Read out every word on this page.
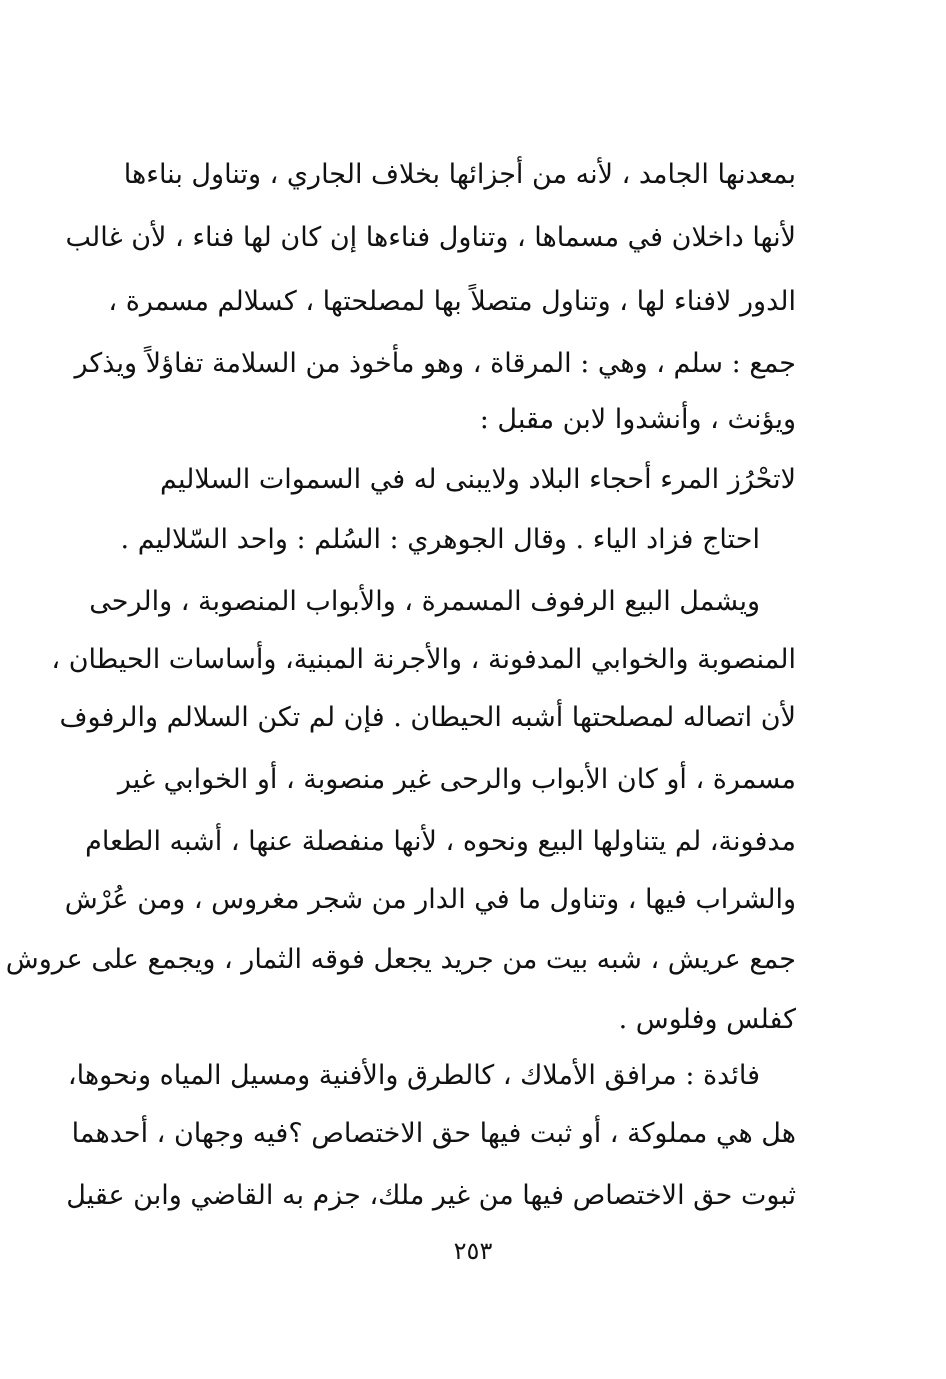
بمعدنها الجامد ، لأنه من أجزائها بخلاف الجاري ، وتناول بناءها
لأنها داخلان في مسماها ، وتناول فناءها إن كان لها فناء ، لأن غالب
الدور لافناء لها ، وتناول متصلاً بها لمصلحتها ، كسلالم مسمرة ،
جمع : سلم ، وهي : المرقاة ، وهو مأخوذ من السلامة تفاؤلاً ويذكر
ويؤنث ، وأنشدوا لابن مقبل :
لاتحْرُز المرء أحجاء البلاد ولا
يبنى له في السموات السلاليم
احتاج فزاد الياء . وقال الجوهري : السُلم : واحد السّلاليم .
ويشمل البيع الرفوف المسمرة ، والأبواب المنصوبة ، والرحى
المنصوبة والخوابي المدفونة ، والأجرنة المبنية، وأساسات الحيطان ،
لأن اتصاله لمصلحتها أشبه الحيطان . فإن لم تكن السلالم والرفوف
مسمرة ، أو كان الأبواب والرحى غير منصوبة ، أو الخوابي غير
مدفونة، لم يتناولها البيع ونحوه ، لأنها منفصلة عنها ، أشبه الطعام
والشراب فيها ، وتناول ما في الدار من شجر مغروس ، ومن عُرْش
جمع عريش ، شبه بيت من جريد يجعل فوقه الثمار ، ويجمع على عروش
كفلس وفلوس .
فائدة : مرافق الأملاك ، كالطرق والأفنية ومسيل المياه ونحوها،
هل هي مملوكة ، أو ثبت فيها حق الاختصاص ؟فيه وجهان ، أحدهما
ثبوت حق الاختصاص فيها من غير ملك، جزم به القاضي وابن عقيل
٢٥٣
